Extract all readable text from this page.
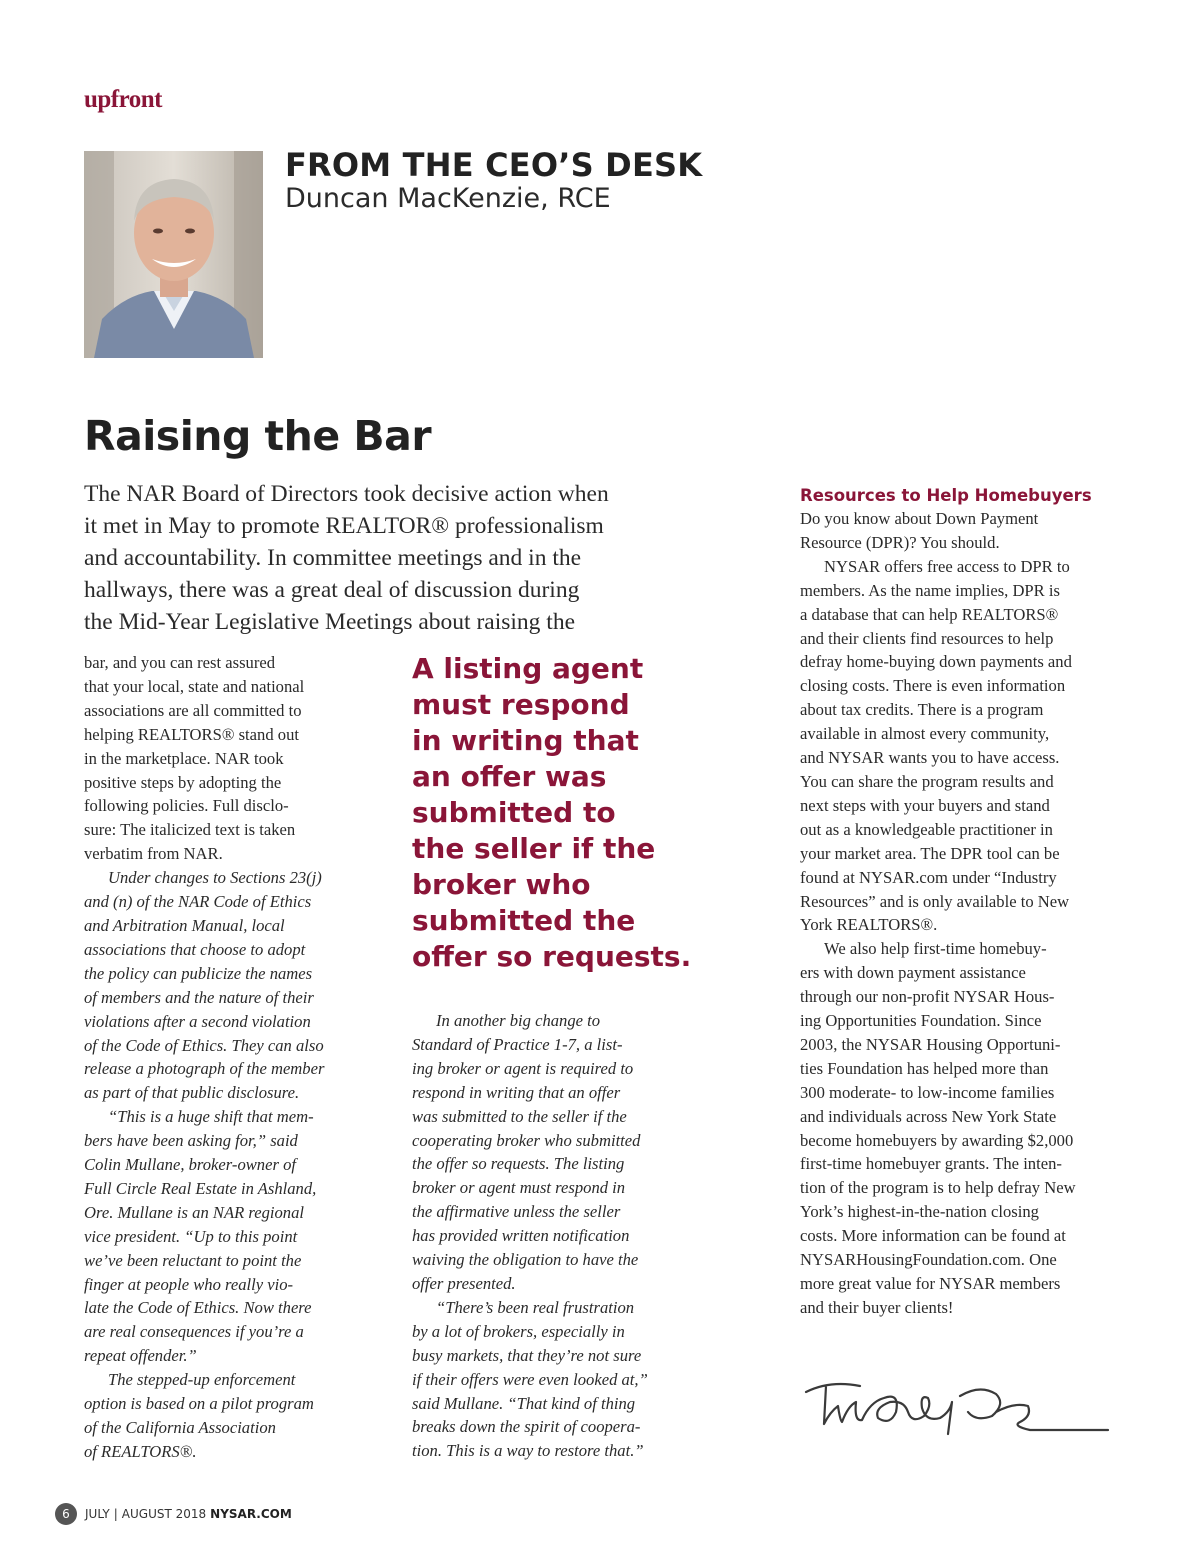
upfront
FROM THE CEO’S DESK
Duncan MacKenzie, RCE
Raising the Bar

The NAR Board of Directors took decisive action when

it met in May to promote REALTOR® professionalism

and accountability. In committee meetings and in the

hallways, there was a great deal of discussion during

the Mid-Year Legislative Meetings about raising the

bar, and you can rest assured

that your local, state and national

associations are all committed to

helping REALTORS® stand out

in the marketplace. NAR took

positive steps by adopting the

following policies. Full disclo-

sure: The italicized text is taken

verbatim from NAR.

Under changes to Sections 23(j)

and (n) of the NAR Code of Ethics

and Arbitration Manual, local

associations that choose to adopt

the policy can publicize the names

of members and the nature of their

violations after a second violation

of the Code of Ethics. They can also

release a photograph of the member

as part of that public disclosure.

“This is a huge shift that mem-

bers have been asking for,” said

Colin Mullane, broker-owner of

Full Circle Real Estate in Ashland,

Ore. Mullane is an NAR regional

vice president. “Up to this point

we’ve been reluctant to point the

finger at people who really vio-

late the Code of Ethics. Now there

are real consequences if you’re a

repeat offender.”

The stepped-up enforcement

option is based on a pilot program

of the California Association

of REALTORS®.

A listing agent

must respond

in writing that

an offer was

submitted to

the seller if the

broker who

submitted the

offer so requests.

In another big change to

Standard of Practice 1-7, a list-

ing broker or agent is required to

respond in writing that an offer

was submitted to the seller if the

cooperating broker who submitted

the offer so requests. The listing

broker or agent must respond in

the affirmative unless the seller

has provided written notification

waiving the obligation to have the

offer presented.

“There’s been real frustration

by a lot of brokers, especially in

busy markets, that they’re not sure

if their offers were even looked at,”

said Mullane. “That kind of thing

breaks down the spirit of coopera-

tion. This is a way to restore that.”

Resources to Help Homebuyers

Do you know about Down Payment

Resource (DPR)? You should.

NYSAR offers free access to DPR to

members. As the name implies, DPR is

a database that can help REALTORS®

and their clients find resources to help

defray home-buying down payments and

closing costs. There is even information

about tax credits. There is a program

available in almost every community,

and NYSAR wants you to have access.

You can share the program results and

next steps with your buyers and stand

out as a knowledgeable practitioner in

your market area. The DPR tool can be

found at NYSAR.com under “Industry

Resources” and is only available to New

York REALTORS®.

We also help first-time homebuy-

ers with down payment assistance

through our non-profit NYSAR Hous-

ing Opportunities Foundation. Since

2003, the NYSAR Housing Opportuni-

ties Foundation has helped more than

300 moderate- to low-income families

and individuals across New York State

become homebuyers by awarding $2,000

first-time homebuyer grants. The inten-

tion of the program is to help defray New

York’s highest-in-the-nation closing

costs. More information can be found at

NYSARHousingFoundation.com. One

more great value for NYSAR members

and their buyer clients!

6	JULY | AUGUST 2018 NYSAR.COM
